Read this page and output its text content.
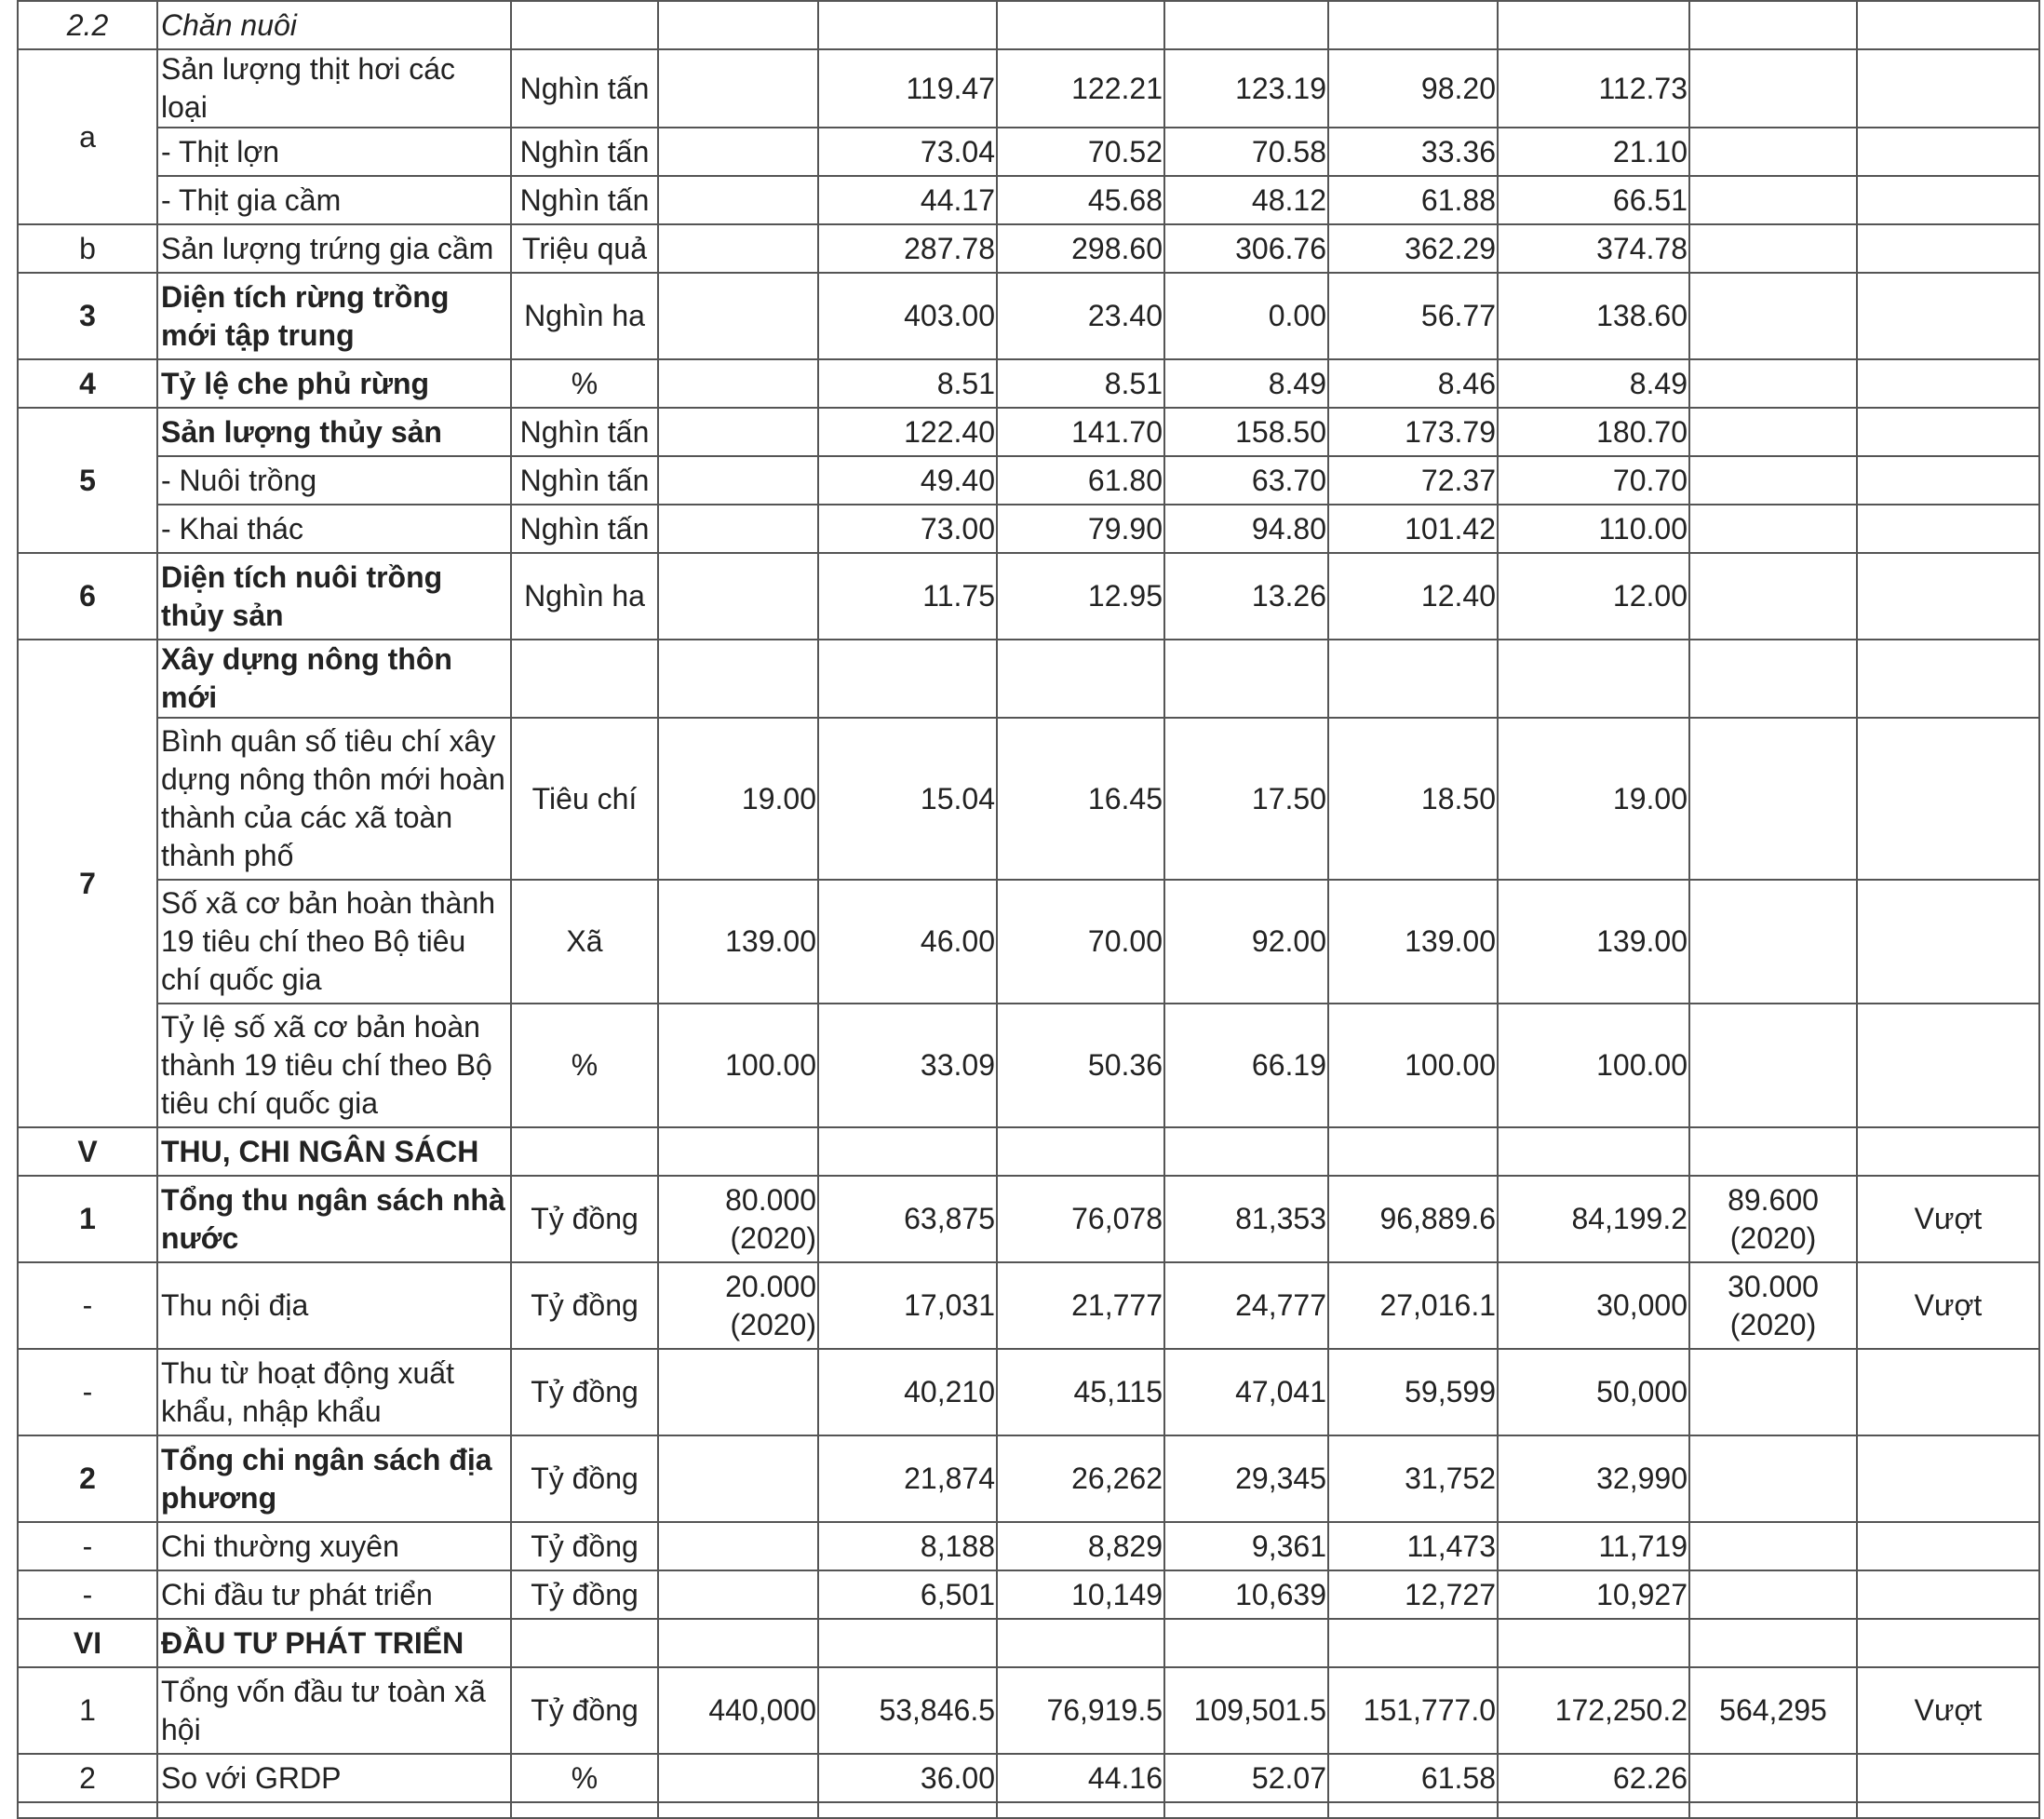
2.2	Chăn nuôi									
a	Sản lượng thịt hơi các loại	Nghìn tấn		119.47	122.21	123.19	98.20	112.73		
	- Thịt lợn	Nghìn tấn		73.04	70.52	70.58	33.36	21.10		
	- Thịt gia cầm	Nghìn tấn		44.17	45.68	48.12	61.88	66.51		
b	Sản lượng trứng gia cầm	Triệu quả		287.78	298.60	306.76	362.29	374.78		
3	Diện tích rừng trồng mới tập trung	Nghìn ha		403.00	23.40	0.00	56.77	138.60		
4	Tỷ lệ che phủ rừng	%		8.51	8.51	8.49	8.46	8.49		
5	Sản lượng thủy sản	Nghìn tấn		122.40	141.70	158.50	173.79	180.70		
	- Nuôi trồng	Nghìn tấn		49.40	61.80	63.70	72.37	70.70		
	- Khai thác	Nghìn tấn		73.00	79.90	94.80	101.42	110.00		
6	Diện tích nuôi trồng thủy sản	Nghìn ha		11.75	12.95	13.26	12.40	12.00		
7	Xây dựng nông thôn mới									
	Bình quân số tiêu chí xây dựng nông thôn mới hoàn thành của các xã toàn thành phố	Tiêu chí	19.00	15.04	16.45	17.50	18.50	19.00		
	Số xã cơ bản hoàn thành 19 tiêu chí theo Bộ tiêu chí quốc gia	Xã	139.00	46.00	70.00	92.00	139.00	139.00		
	Tỷ lệ số xã cơ bản hoàn thành 19 tiêu chí theo Bộ tiêu chí quốc gia	%	100.00	33.09	50.36	66.19	100.00	100.00		
V	THU, CHI NGÂN SÁCH									
1	Tổng thu ngân sách nhà nước	Tỷ đồng	80.000 (2020)	63,875	76,078	81,353	96,889.6	84,199.2	89.600 (2020)	Vượt
-	Thu nội địa	Tỷ đồng	20.000 (2020)	17,031	21,777	24,777	27,016.1	30,000	30.000 (2020)	Vượt
-	Thu từ hoạt động xuất khẩu, nhập khẩu	Tỷ đồng		40,210	45,115	47,041	59,599	50,000		
2	Tổng chi ngân sách địa phương	Tỷ đồng		21,874	26,262	29,345	31,752	32,990		
-	Chi thường xuyên	Tỷ đồng		8,188	8,829	9,361	11,473	11,719		
-	Chi đầu tư phát triển	Tỷ đồng		6,501	10,149	10,639	12,727	10,927		
VI	ĐẦU TƯ PHÁT TRIỂN									
1	Tổng vốn đầu tư toàn xã hội	Tỷ đồng	440,000	53,846.5	76,919.5	109,501.5	151,777.0	172,250.2	564,295	Vượt
2	So với GRDP	%		36.00	44.16	52.07	61.58	62.26		
